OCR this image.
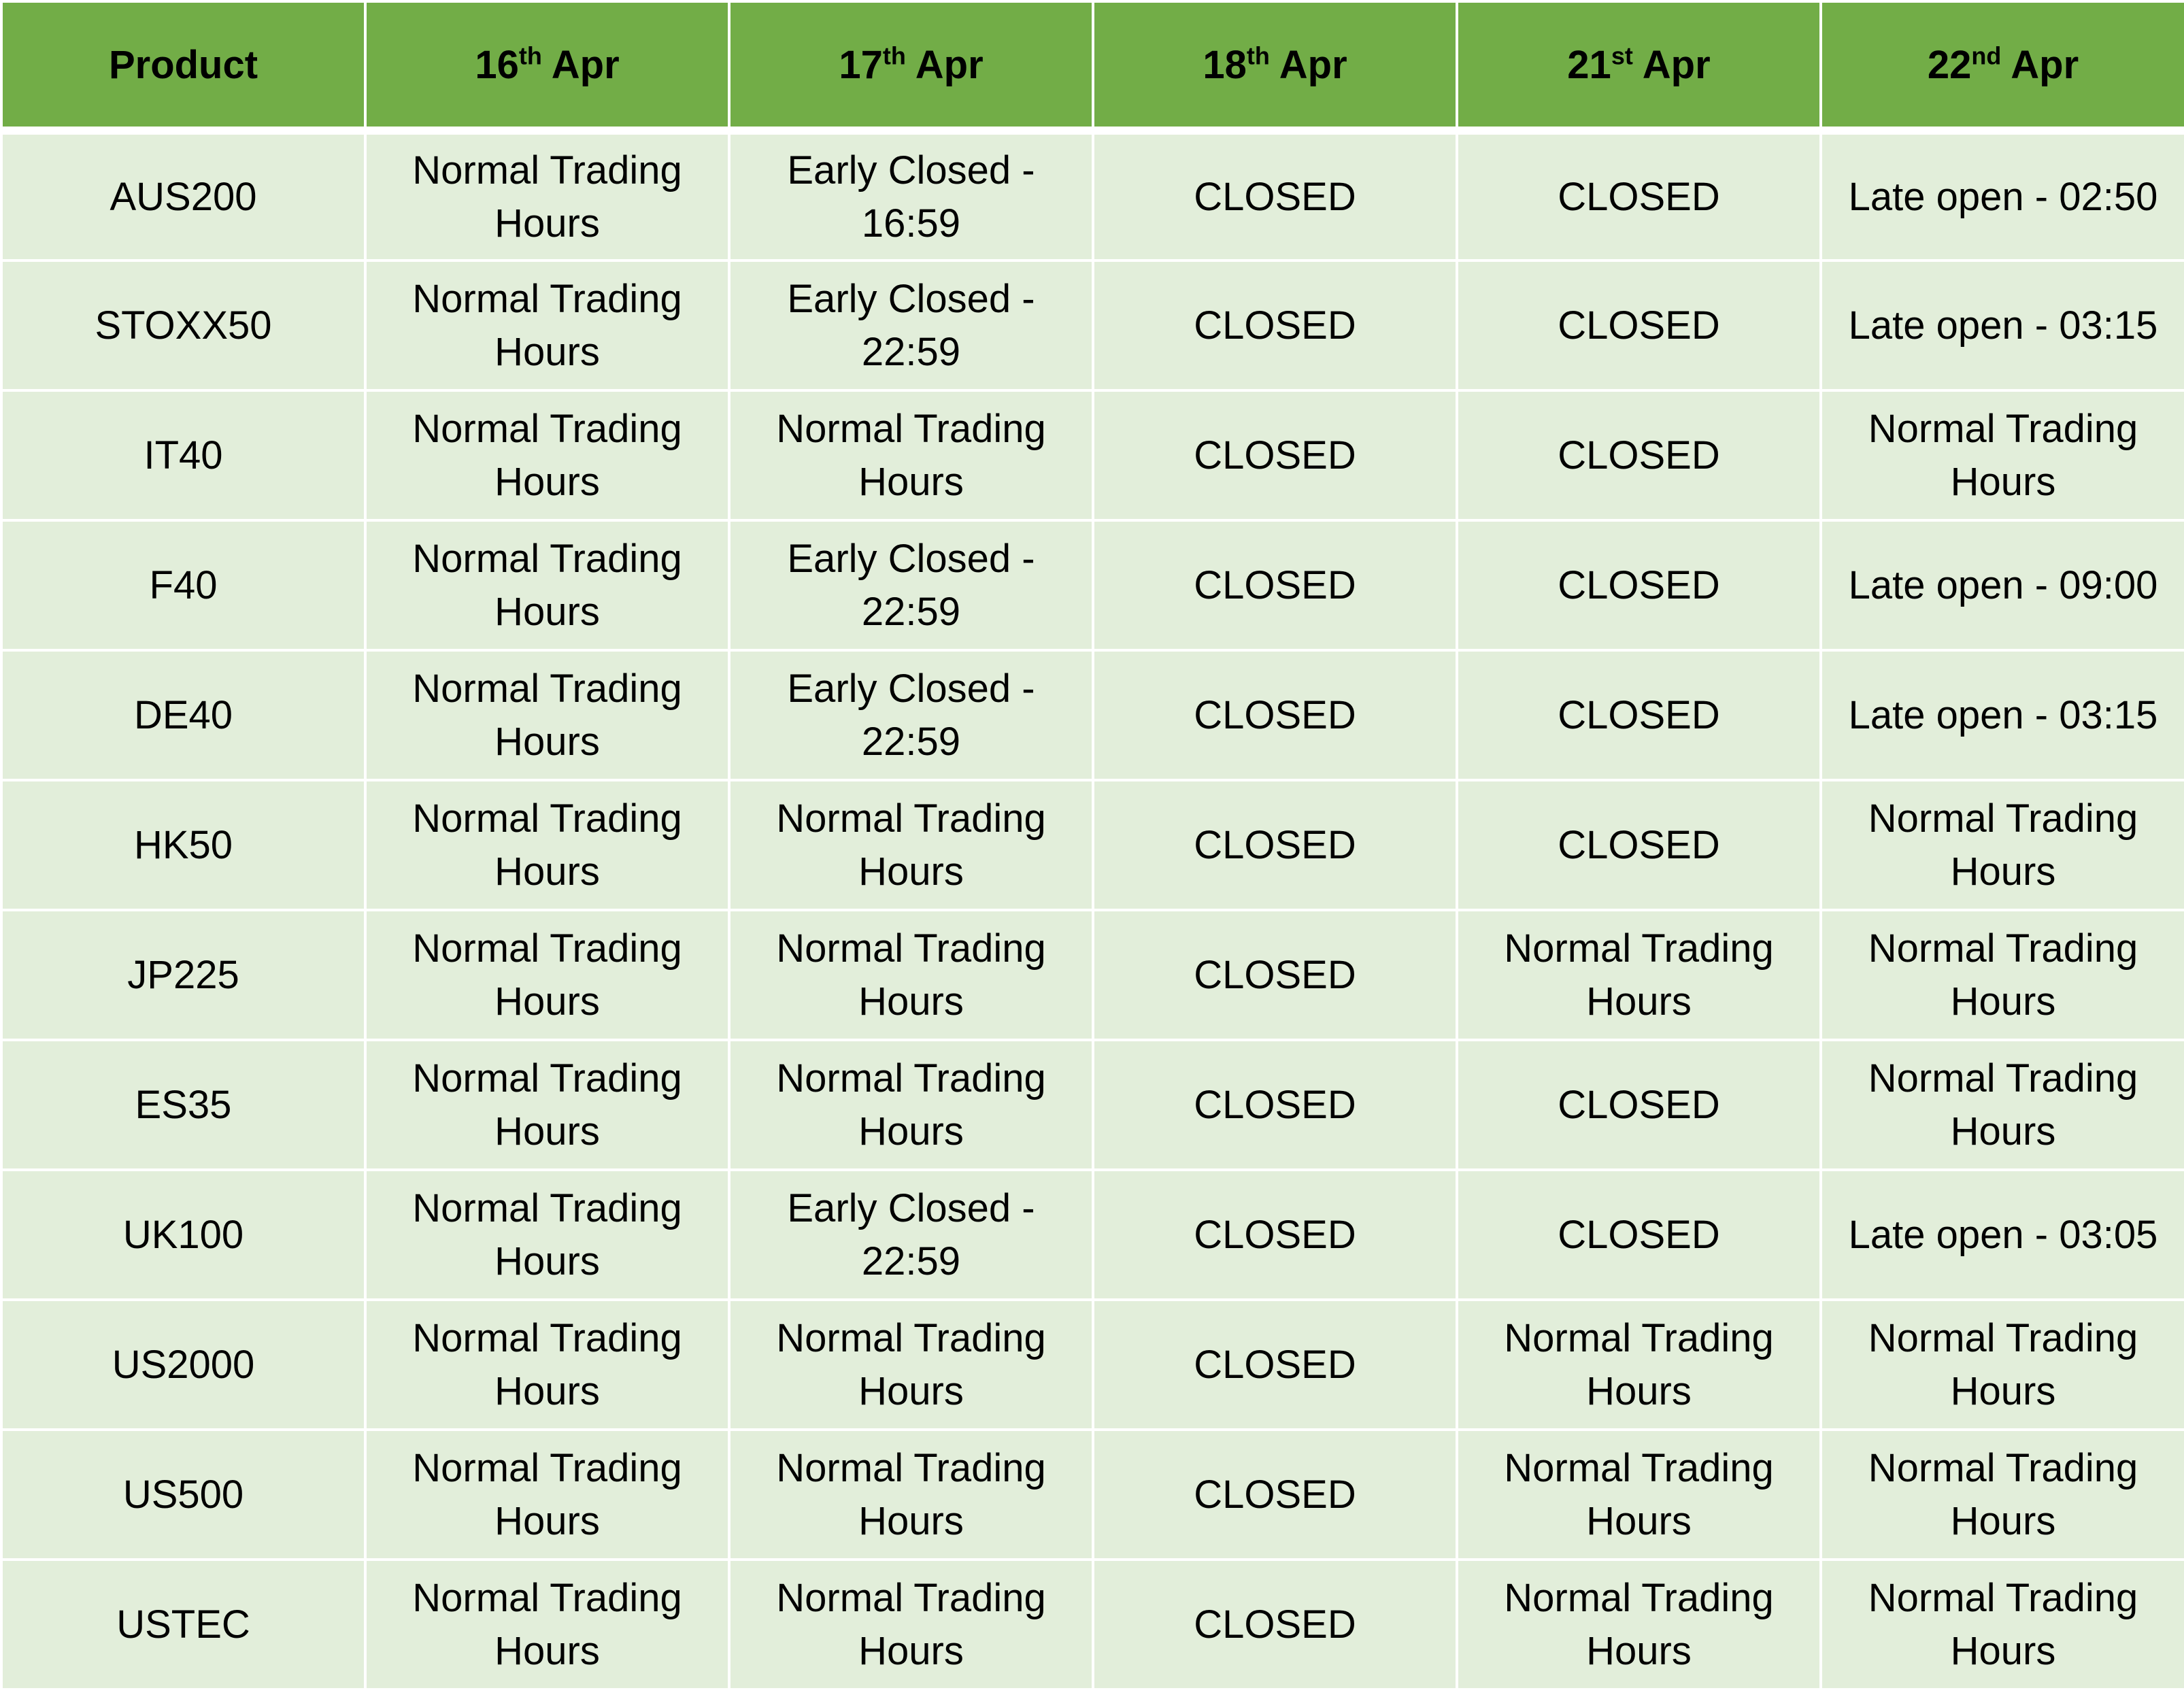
Product	16th Apr	17th Apr	18th Apr	21st Apr	22nd Apr
AUS200	Normal Trading Hours	Early Closed - 16:59	CLOSED	CLOSED	Late open - 02:50
STOXX50	Normal Trading Hours	Early Closed - 22:59	CLOSED	CLOSED	Late open - 03:15
IT40	Normal Trading Hours	Normal Trading Hours	CLOSED	CLOSED	Normal Trading Hours
F40	Normal Trading Hours	Early Closed - 22:59	CLOSED	CLOSED	Late open - 09:00
DE40	Normal Trading Hours	Early Closed - 22:59	CLOSED	CLOSED	Late open - 03:15
HK50	Normal Trading Hours	Normal Trading Hours	CLOSED	CLOSED	Normal Trading Hours
JP225	Normal Trading Hours	Normal Trading Hours	CLOSED	Normal Trading Hours	Normal Trading Hours
ES35	Normal Trading Hours	Normal Trading Hours	CLOSED	CLOSED	Normal Trading Hours
UK100	Normal Trading Hours	Early Closed - 22:59	CLOSED	CLOSED	Late open - 03:05
US2000	Normal Trading Hours	Normal Trading Hours	CLOSED	Normal Trading Hours	Normal Trading Hours
US500	Normal Trading Hours	Normal Trading Hours	CLOSED	Normal Trading Hours	Normal Trading Hours
USTEC	Normal Trading Hours	Normal Trading Hours	CLOSED	Normal Trading Hours	Normal Trading Hours
